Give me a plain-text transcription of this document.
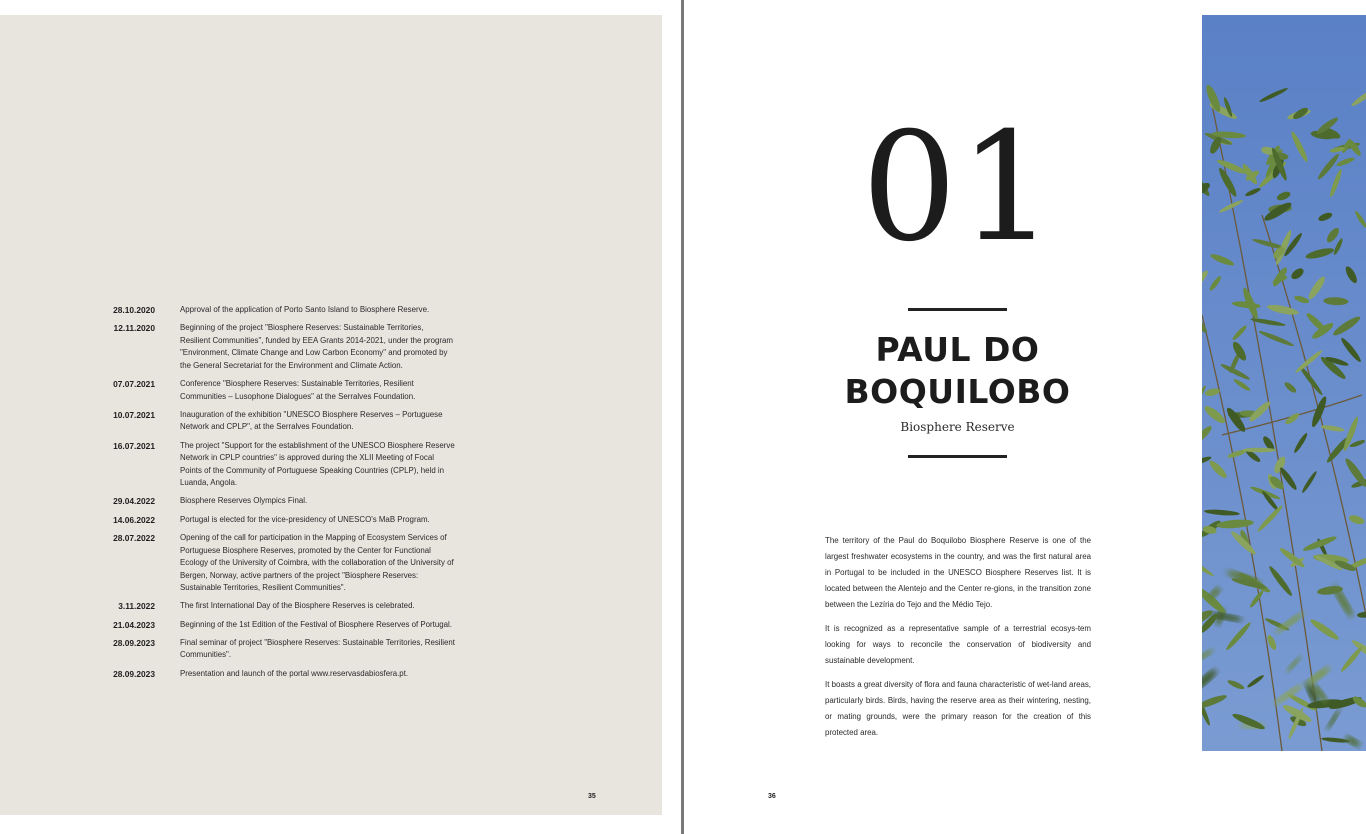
28.10.2020	Approval of the application of Porto Santo Island to Biosphere Reserve.
12.11.2020	Beginning of the project "Biosphere Reserves: Sustainable Territories, Resilient Communities", funded by EEA Grants 2014-2021, under the program "Environment, Climate Change and Low Carbon Economy" and promoted by the General Secretariat for the Environment and Climate Action.
07.07.2021	Conference "Biosphere Reserves: Sustainable Territories, Resilient Communities – Lusophone Dialogues" at the Serralves Foundation.
10.07.2021	Inauguration of the exhibition "UNESCO Biosphere Reserves – Portuguese Network and CPLP", at the Serralves Foundation.
16.07.2021	The project "Support for the establishment of the UNESCO Biosphere Reserve Network in CPLP countries" is approved during the XLII Meeting of Focal Points of the Community of Portuguese Speaking Countries (CPLP), held in Luanda, Angola.
29.04.2022	Biosphere Reserves Olympics Final.
14.06.2022	Portugal is elected for the vice-presidency of UNESCO's MaB Program.
28.07.2022	Opening of the call for participation in the Mapping of Ecosystem Services of Portuguese Biosphere Reserves, promoted by the Center for Functional Ecology of the University of Coimbra, with the collaboration of the University of Bergen, Norway, active partners of the project "Biosphere Reserves: Sustainable Territories, Resilient Communities".
3.11.2022	The first International Day of the Biosphere Reserves is celebrated.
21.04.2023	Beginning of the 1st Edition of the Festival of Biosphere Reserves of Portugal.
28.09.2023	Final seminar of project "Biosphere Reserves: Sustainable Territories, Resilient Communities".
28.09.2023	Presentation and launch of the portal www.reservasdabiosfera.pt.
35
01
PAUL DO
BOQUILOBO
Biosphere Reserve

The territory of the Paul do Boquilobo Biosphere Reserve is one of the largest freshwater ecosystems in the country, and was the first natural area in Portugal to be included in the UNESCO Biosphere Reserves list. It is located between the Alentejo and the Center re-gions, in the transition zone between the Lezíria do Tejo and the Médio Tejo.

It is recognized as a representative sample of a terrestrial ecosys-tem looking for ways to reconcile the conservation of biodiversity and sustainable development.

It boasts a great diversity of flora and fauna characteristic of wet-land areas, particularly birds. Birds, having the reserve area as their wintering, nesting, or mating grounds, were the primary reason for the creation of this protected area.

36
